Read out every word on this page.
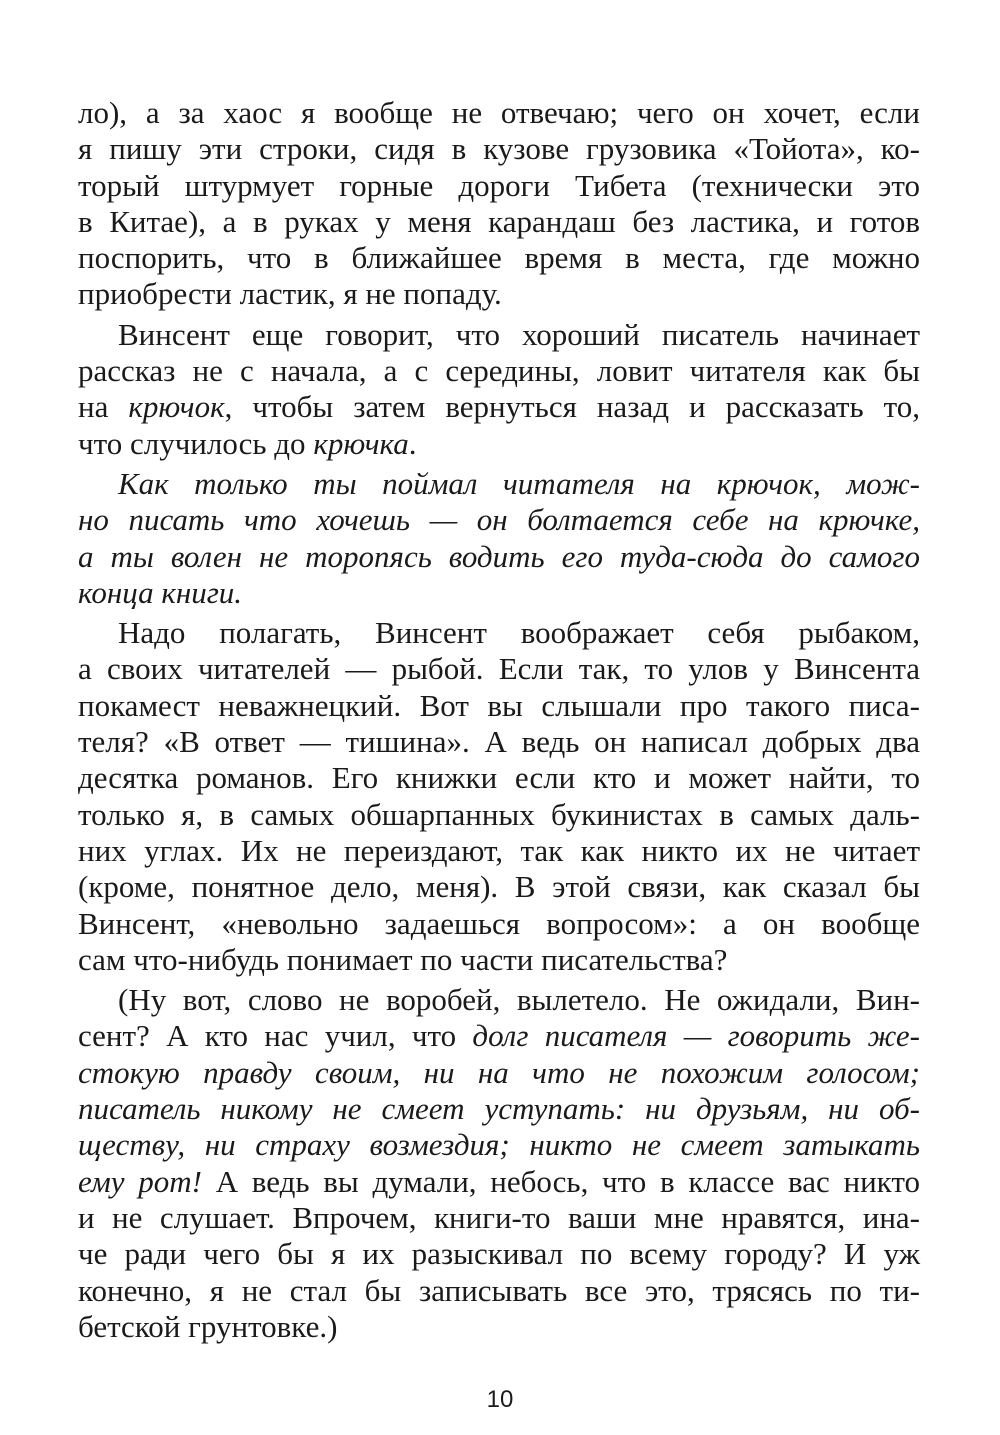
ло), а за хаос я вообще не отвечаю; чего он хочет, если
я пишу эти строки, сидя в кузове грузовика «Тойота», ко-
торый штурмует горные дороги Тибета (технически это
в Китае), а в руках у меня карандаш без ластика, и готов
поспорить, что в ближайшее время в места, где можно
приобрести ластик, я не попаду.
Винсент еще говорит, что хороший писатель начинает
рассказ не с начала, а с середины, ловит читателя как бы
на крючок, чтобы затем вернуться назад и рассказать то,
что случилось до крючка.
Как только ты поймал читателя на крючок, мож-
но писать что хочешь — он болтается себе на крючке,
а ты волен не торопясь водить его туда-сюда до самого
конца книги.
Надо полагать, Винсент воображает себя рыбаком,
а своих читателей — рыбой. Если так, то улов у Винсента
покамест неважнецкий. Вот вы слышали про такого писа-
теля? «В ответ — тишина». А ведь он написал добрых два
десятка романов. Его книжки если кто и может найти, то
только я, в самых обшарпанных букинистах в самых даль-
них углах. Их не переиздают, так как никто их не читает
(кроме, понятное дело, меня). В этой связи, как сказал бы
Винсент, «невольно задаешься вопросом»: а он вообще
сам что-нибудь понимает по части писательства?
(Ну вот, слово не воробей, вылетело. Не ожидали, Вин-
сент? А кто нас учил, что долг писателя — говорить же-
стокую правду своим, ни на что не похожим голосом;
писатель никому не смеет уступать: ни друзьям, ни об-
ществу, ни страху возмездия; никто не смеет затыкать
ему рот! А ведь вы думали, небось, что в классе вас никто
и не слушает. Впрочем, книги-то ваши мне нравятся, ина-
че ради чего бы я их разыскивал по всему городу? И уж
конечно, я не стал бы записывать все это, трясясь по ти-
бетской грунтовке.)
10
